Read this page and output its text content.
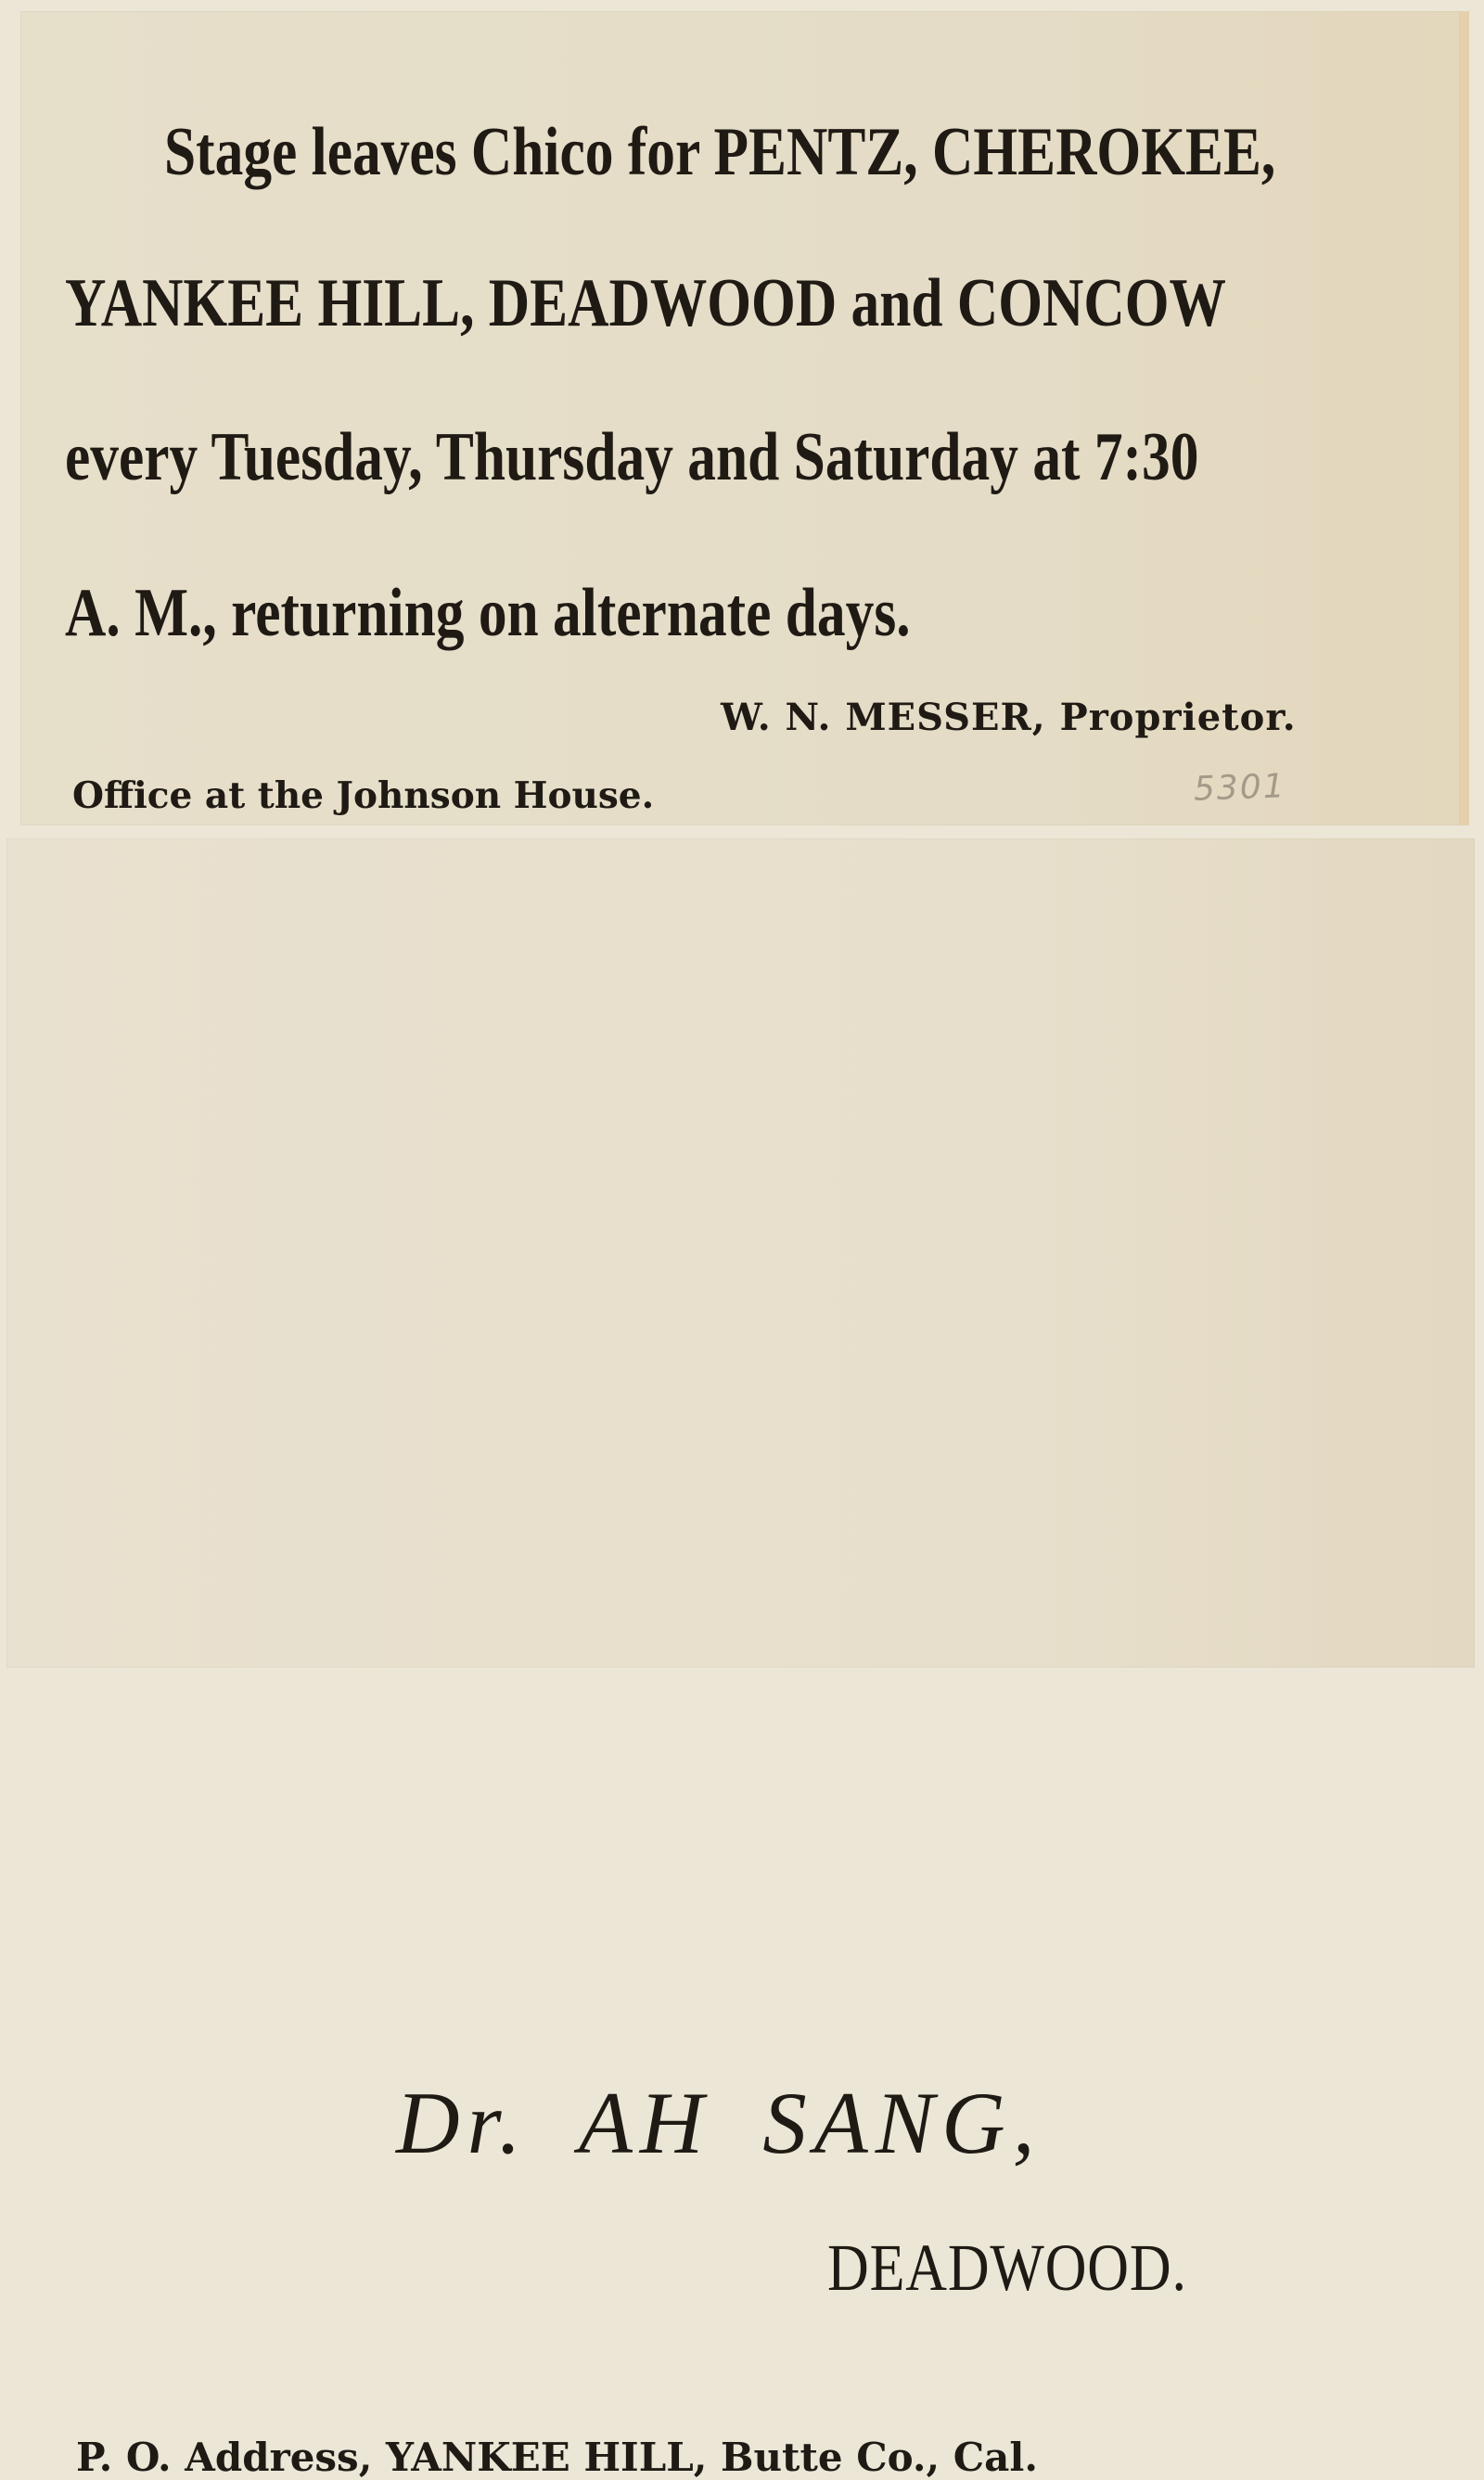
Stage leaves Chico for PENTZ, CHEROKEE,
YANKEE HILL, DEADWOOD and CONCOW
every Tuesday, Thursday and Saturday at 7:30
A. M., returning on alternate days.
W. N. MESSER, Proprietor.
Office at the Johnson House.	5301
Dr. AH SANG,
DEADWOOD.
P. O. Address, YANKEE HILL, Butte Co., Cal.
